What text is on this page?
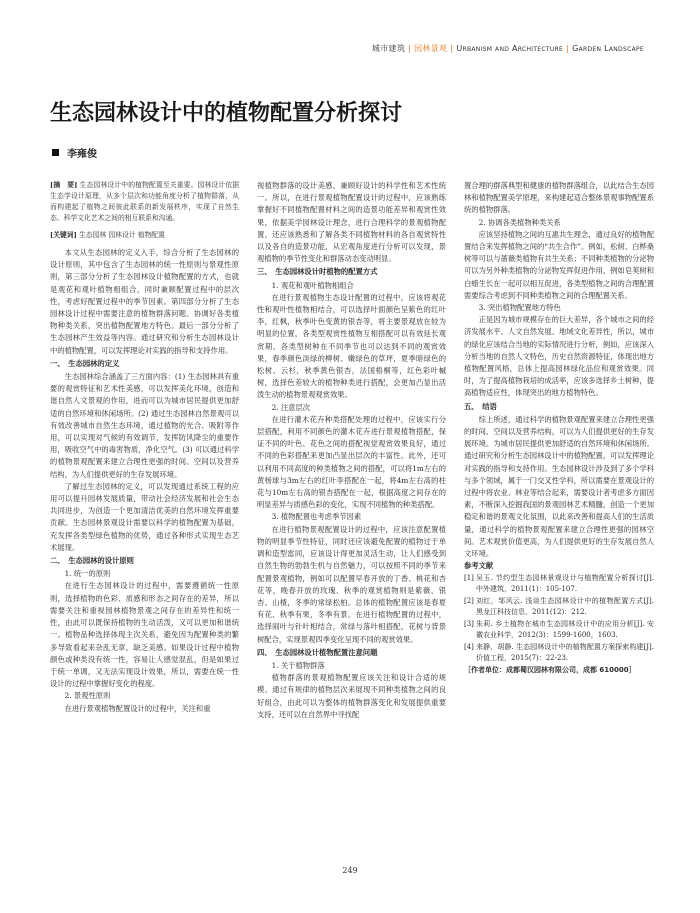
城市建筑 | 园林景观 | Urbanism and Architecture | Garden Landscape
生态园林设计中的植物配置分析探讨
李雍俊
[摘　要] 生态园林设计中的植物配置至关重要。园林设计依据生态学设计原理，从多个层次和功能角度分析了植物群落，从而构建起了植物之间彼此联系的新发展秩序，实现了自然生态、科学文化艺术之间的相互联系和沟通。
[关键词] 生态园林 园林设计 植物配置

本文从生态园林的定义入手，综合分析了生态园林的设计原则，其中包含了生态园林的统一性原则与景观性原则，第三部分分析了生态园林设计植物配置的方式，也就是观花和观叶植物相组合，同时兼顾配置过程中的层次性，考虑好配置过程中的季节因素。第四部分分析了生态园林设计过程中需要注意的植物群落问题、协调好各类植物种类关系，突出植物配置地方特色。最后一部分分析了生态园林产生效益等内容。通过研究和分析生态园林设计中的植物配置，可以发挥理论对实践的指导和支持作用。

一、　生态园林的定义

生态园林综合涵盖了三方面内容：(1) 生态园林具有重要的观赏特征和艺术性美感，可以发挥美化环境，创造和谐自然人文景观的作用，进而可以为城市居民提供更加舒适的自然环境和休闲场所。(2) 通过生态园林自然景观可以有效改善城市自然生态环境，通过植物的光合、吸附等作用，可以实现对气候的有效调节，发挥防风降尘的重要作用，吸收空气中的毒害物质，净化空气。(3) 可以通过科学的植物景观配置来建立合理性更强的时间、空间以及营养结构，为人们提供更好的生存发展环境。

了解过生态园林的定义，可以发现通过系统工程的应用可以提升园林发展质量，带动社会经济发展和社会生态共同进步，为创造一个更加清洁优美的自然环境发挥重要贡献。生态园林景观设计需要以科学的植物配置为基础，充发挥各类型绿色植物的优势，通过各种形式实现生态艺术展现。

二、　生态园林的设计原则

1. 统一的原则

在进行生态园林设计的过程中，需要遵循统一性原则，选择植物的色彩、质感和形态之间存在的差异，所以需要关注和重视园林植物景观之间存在的差异性和统一性，由此可以既保持植物的生动活泼，又可以更加和谐统一。植物品种选择体现主次关系，避免因为配置种类的繁多导致看起来杂乱无章，缺乏美感。如果设计过程中植物颜色或种类没有统一性，容易让人感觉混乱，但是如果过于统一单调，又无法实现设计效果，所以，需要在统一性设计的过程中掌握好变化的程度。

2. 景观性原则

在进行景观植物配置设计的过程中，关注和重

视植物群落的设计美感，兼顾好设计的科学性和艺术性统一。所以，在进行景观植物配置设计的过程中，应该熟练掌握好不同植物配置材料之间的造景功能差异和观赏性效果，依据美学园林设计理念，进行合理科学的景观植物配置，还应该熟悉和了解各类不同植物材料的各自观赏特性以及各自的造景功能，从宏观角度进行分析可以发现，景观植物的季节性变化和群落动态变动明显。

三、　生态园林设计时植物的配置方式

1. 观花和观叶植物相组合

在进行景观植物生态设计配置的过程中，应该将观花性和观叶性植物相结合，可以选择叶面颜色呈紫色的红叶李，红枫，秋季叶色变黄的银杏等，将主要景观放在较为明显的位置，各类型观赏性植物互相搭配可以有效延长观赏期。各类型树种在不同季节也可以达到不同的观赏效果，春季颜色淡绿的柳树、嫩绿色的草坪，夏季暗绿色的松树、云杉，秋季黄色银杏，法国梧桐等，红色彩叶槭树，选择色差较大的植物种类进行搭配，会更加凸显出活泼生动的植物景观观赏效果。

2. 注意层次

在进行灌木花卉种类搭配处理的过程中，应该实行分层搭配，利用不同颜色的灌木花卉进行景观植物搭配，保证不同的叶色、花色之间的搭配视觉观赏效果良好，通过不同的色彩搭配来更加凸显出层次的丰富性。此外，还可以利用不同高度的种类植物之间的搭配，可以将1m左右的黄杨球与3m左右的红叶李搭配在一起，将4m左右高的柱花与10m左右高的银杏搭配在一起，根据高度之间存在的明显差异与质感色彩的变化，实现不同植物的种类搭配。

3. 植物配置也考虑季节因素

在进行植物景观配置设计的过程中，应该注意配置植物的明显季节性特征，同时还应该避免配置的植物过于单调和造型雷同，应该设计得更加灵活生动，让人们感受到自然生物的勃勃生机与自然魅力，可以按照不同的季节来配置景观植物，例如可以配置早春开放的丁香、桃花和杏花等，晚春开放的玫瑰、秋季的观赏植物则是紫薇、银杏、山楂，冬季的常绿松柏。总体的植物配置应该是春夏有花、秋季有果，冬季有景。在进行植物配置的过程中，选择闹叶与针叶相结合，常绿与落叶相搭配，花树与背景树配合，实现景观四季变化呈现不同的观赏效果。

四、　生态园林设计植物配置注意问题

1. 关于植物群落

植物群落的景观植物配置应该关注和设计合适的规模。通过有规律的植物层次来展现不同种类植物之间的良好组合，由此可以为整体的植物群落变化和发展提供重要支持，还可以在自然界中寻找配

置合理的群落典型和健康的植物群落组合，以此结合生态园林和植物配置美学原理，来构建起适合整体景观事物配置系统的植物群落。

2. 协调各类植物种类关系

应该坚持植物之间的互惠共生理念，通过良好的植物配置结合来发挥植物之间的“共生合作”。例如，松树、白桦桑树等可以与蔷薇类植物有共生关系；不同种类植物的分泌物可以为另外种类植物的分泌物发挥促进作用，例如皂荚树和白蜡生长在一起可以相互促进，各类型植物之间的合理配置需要综合考虑到不同种类植物之间的合理配置关系。

3. 突出植物配置地方特色

正是因为城市规模存在的巨大差异，各个城市之间的经济发展水平、人文自然发展、地域文化差异性，所以，城市的绿化应该结合当地的实际情况进行分析，例如，应该深入分析当地的自然人文特色，历史自然资源特征，体现出地方植物配置风格，总体上提高园林绿化品位和观赏效果。同时，为了提高植物栽培的成活率，应该多选择乡土树种，提高植物适应性，体现突出的地方植物特色。

五、　结语

综上所述，通过科学的植物景观配置来建立合理性更强的时间、空间以及营养结构，可以为人们提供更好的生存发展环境。为城市居民提供更加舒适的自然环境和休闲场所。通过研究和分析生态园林设计中的植物配置，可以发挥理论对实践的指导和支持作用。生态园林设计涉及到了多个学科与多个领域，属于一门交叉性学科，所以需要在景观设计的过程中将农业、林业等结合起来，需要设计者考虑多方面因素，不断深入挖掘我国的景观园林艺术精髓，创造一个更加稳定和谐的景观文化氛围，以此来改善和提高人们的生活质量，通过科学的植物景观配置来建立合理性更强的园林空间。艺术观赏价值更高，为人们提供更好的生存发展自然人文环境。

参考文献
[1] 吴玉. 节约型生态园林景观设计与植物配置分析探讨[J]. 中外建筑，2011(1)：105-107.
[2] 刘红，邹风云. 浅谈生态园林设计中的植物配置方式[J]. 黑龙江科技信息，2011(12)：212.
[3] 朱莉. 乡土植物在城市生态园林设计中的应用分析[J]. 安徽农业科学，2012(3)：1599-1600，1603.
[4] 来静，胡静. 生态园林设计中的植物配置方案探索构建[J]. 价值工程，2015(7)：22-23.
［作者单位：成都蜀汉园林有限公司，成都 610000］
249
